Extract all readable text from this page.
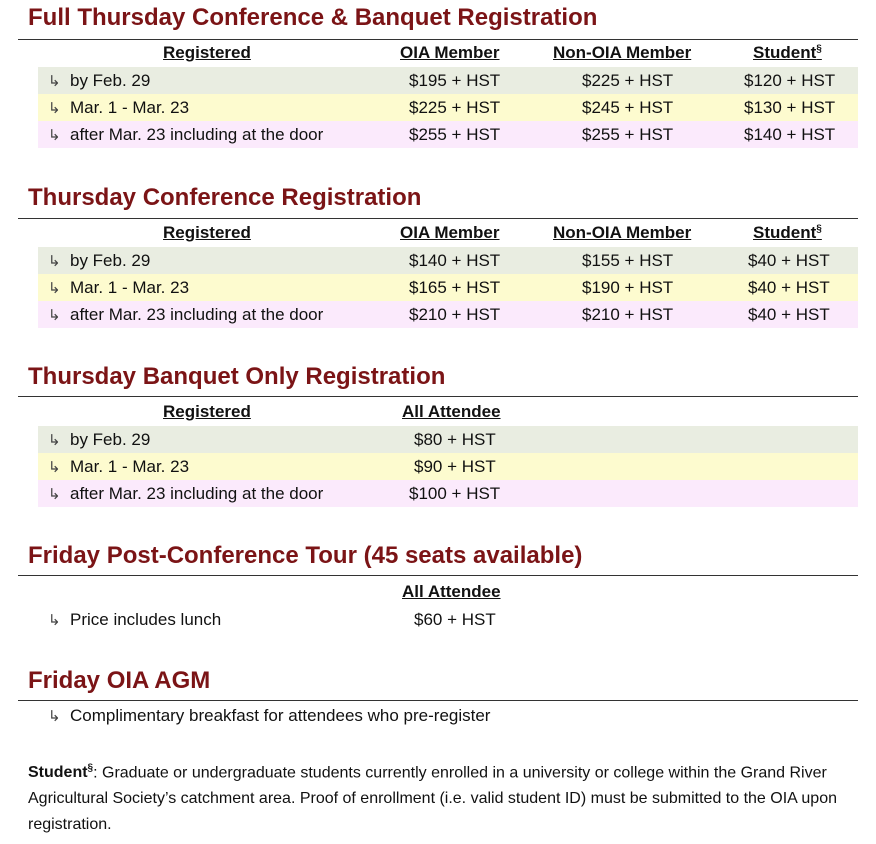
Full Thursday Conference & Banquet Registration
Registered	OIA Member	Non-OIA Member	Student§
↳ by Feb. 29	$195 + HST	$225 + HST	$120 + HST
↳ Mar. 1 - Mar. 23	$225 + HST	$245 + HST	$130 + HST
↳ after Mar. 23 including at the door	$255 + HST	$255 + HST	$140 + HST
Thursday Conference Registration
Registered	OIA Member	Non-OIA Member	Student§
↳ by Feb. 29	$140 + HST	$155 + HST	$40 + HST
↳ Mar. 1 - Mar. 23	$165 + HST	$190 + HST	$40 + HST
↳ after Mar. 23 including at the door	$210 + HST	$210 + HST	$40 + HST
Thursday Banquet Only Registration
Registered	All Attendee
↳ by Feb. 29	$80 + HST
↳ Mar. 1 - Mar. 23	$90 + HST
↳ after Mar. 23 including at the door	$100 + HST
Friday Post-Conference Tour (45 seats available)
All Attendee
↳ Price includes lunch	$60 + HST
Friday OIA AGM
↳ Complimentary breakfast for attendees who pre-register
Student§: Graduate or undergraduate students currently enrolled in a university or college within the Grand River Agricultural Society’s catchment area. Proof of enrollment (i.e. valid student ID) must be submitted to the OIA upon registration.
